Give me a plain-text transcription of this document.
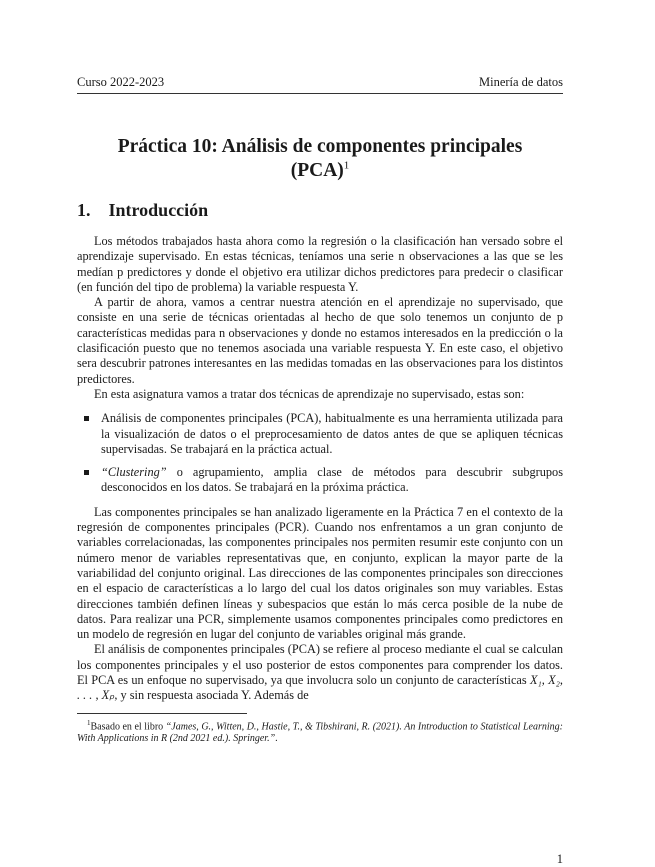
Curso 2022-2023	Minería de datos
Práctica 10: Análisis de componentes principales
(PCA)$^1$
1. Introducción

Los métodos trabajados hasta ahora como la regresión o la clasificación han versado sobre el aprendizaje supervisado. En estas técnicas, teníamos una serie n observaciones a las que se les medían p predictores y donde el objetivo era utilizar dichos predictores para predecir o clasificar (en función del tipo de problema) la variable respuesta Y.

A partir de ahora, vamos a centrar nuestra atención en el aprendizaje no supervisado, que consiste en una serie de técnicas orientadas al hecho de que solo tenemos un conjunto de p características medidas para n observaciones y donde no estamos interesados en la predicción o la clasificación puesto que no tenemos asociada una variable respuesta Y. En este caso, el objetivo sera descubrir patrones interesantes en las medidas tomadas en las observaciones para los distintos predictores.

En esta asignatura vamos a tratar dos técnicas de aprendizaje no supervisado, estas son:

Análisis de componentes principales (PCA), habitualmente es una herramienta utilizada para la visualización de datos o el preprocesamiento de datos antes de que se apliquen técnicas supervisadas. Se trabajará en la práctica actual.
“Clustering” o agrupamiento, amplia clase de métodos para descubrir subgrupos desconocidos en los datos. Se trabajará en la próxima práctica.

Las componentes principales se han analizado ligeramente en la Práctica 7 en el contexto de la regresión de componentes principales (PCR). Cuando nos enfrentamos a un gran conjunto de variables correlacionadas, las componentes principales nos permiten resumir este conjunto con un número menor de variables representativas que, en conjunto, explican la mayor parte de la variabilidad del conjunto original. Las direcciones de las componentes principales son direcciones en el espacio de características a lo largo del cual los datos originales son muy variables. Estas direcciones también definen líneas y subespacios que están lo más cerca posible de la nube de datos. Para realizar una PCR, simplemente usamos componentes principales como predictores en un modelo de regresión en lugar del conjunto de variables original más grande.

El análisis de componentes principales (PCA) se refiere al proceso mediante el cual se calculan los componentes principales y el uso posterior de estos componentes para comprender los datos. El PCA es un enfoque no supervisado, ya que involucra solo un conjunto de características X₁, X₂, . . . , Xₚ, y sin respuesta asociada Y. Además de

$^1$Basado en el libro “James, G., Witten, D., Hastie, T., & Tibshirani, R. (2021). An Introduction to Statistical Learning: With Applications in R (2nd 2021 ed.). Springer.”.
1
